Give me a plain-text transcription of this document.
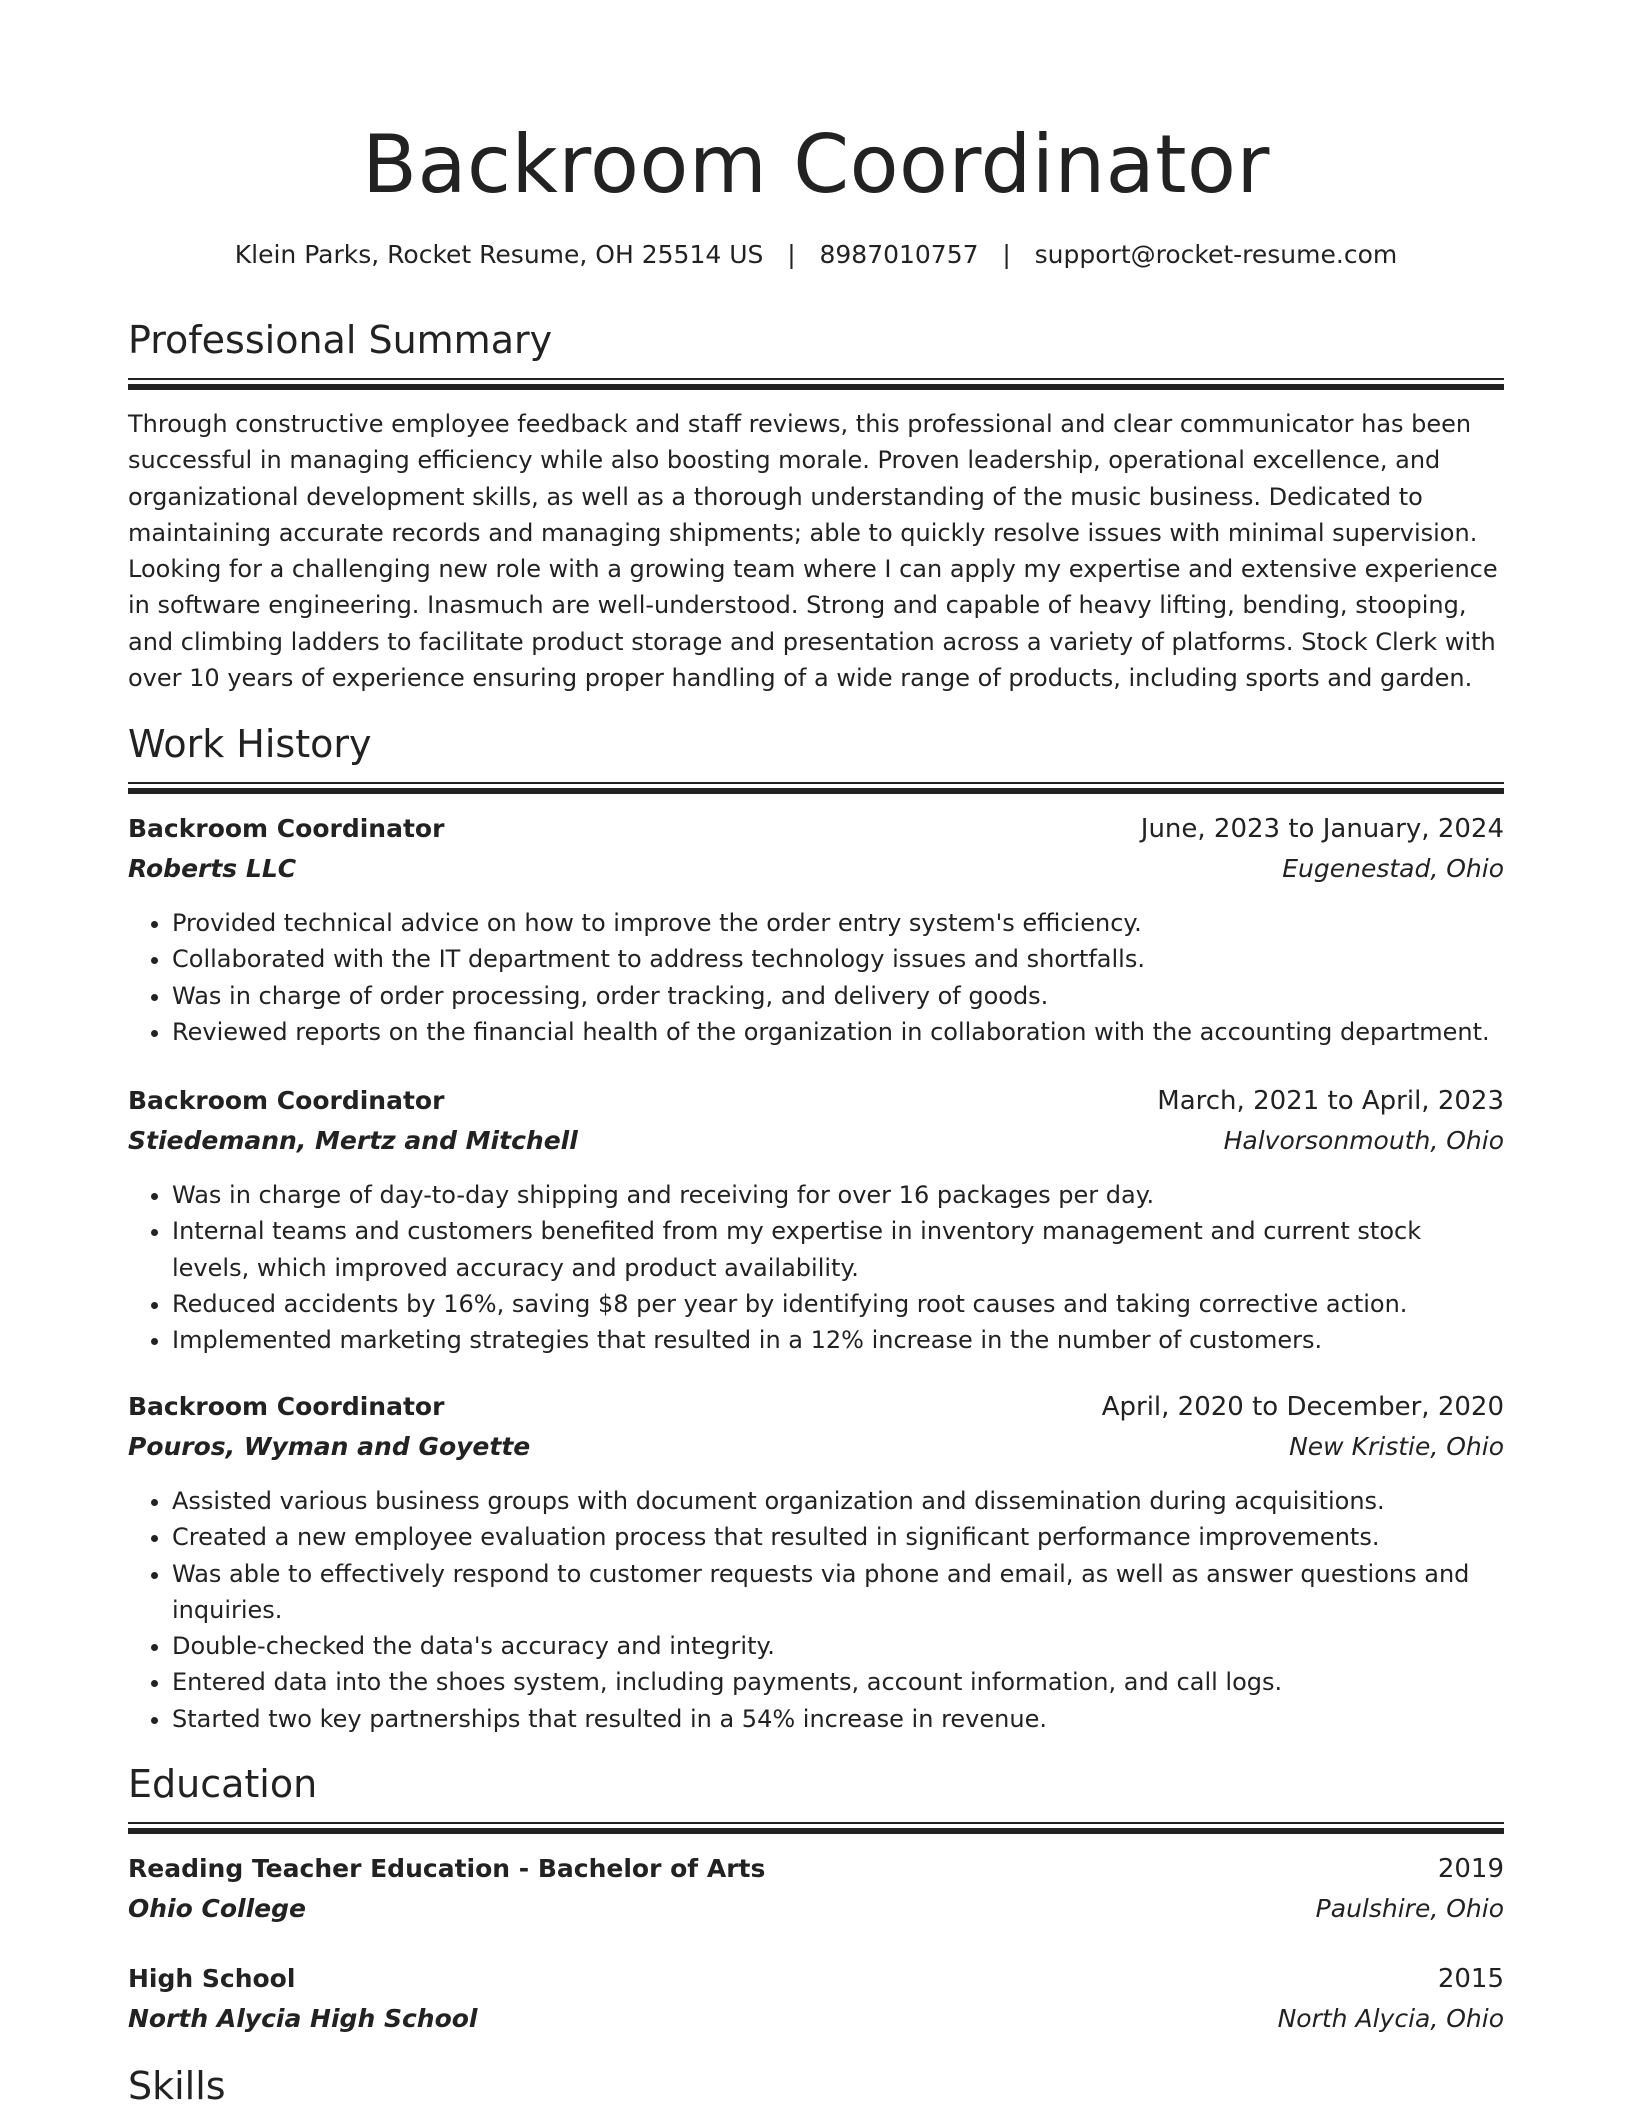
Backroom Coordinator
Klein Parks, Rocket Resume, OH 25514 US   |   8987010757   |   support@rocket-resume.com
Professional Summary
Through constructive employee feedback and staff reviews, this professional and clear communicator has been successful in managing efficiency while also boosting morale. Proven leadership, operational excellence, and organizational development skills, as well as a thorough understanding of the music business. Dedicated to maintaining accurate records and managing shipments; able to quickly resolve issues with minimal supervision. Looking for a challenging new role with a growing team where I can apply my expertise and extensive experience in software engineering. Inasmuch are well-understood. Strong and capable of heavy lifting, bending, stooping, and climbing ladders to facilitate product storage and presentation across a variety of platforms. Stock Clerk with over 10 years of experience ensuring proper handling of a wide range of products, including sports and garden.
Work History
Backroom Coordinator	June, 2023 to January, 2024
Roberts LLC	Eugenestad, Ohio
• Provided technical advice on how to improve the order entry system's efficiency.
• Collaborated with the IT department to address technology issues and shortfalls.
• Was in charge of order processing, order tracking, and delivery of goods.
• Reviewed reports on the financial health of the organization in collaboration with the accounting department.
Backroom Coordinator	March, 2021 to April, 2023
Stiedemann, Mertz and Mitchell	Halvorsonmouth, Ohio
• Was in charge of day-to-day shipping and receiving for over 16 packages per day.
• Internal teams and customers benefited from my expertise in inventory management and current stock levels, which improved accuracy and product availability.
• Reduced accidents by 16%, saving $8 per year by identifying root causes and taking corrective action.
• Implemented marketing strategies that resulted in a 12% increase in the number of customers.
Backroom Coordinator	April, 2020 to December, 2020
Pouros, Wyman and Goyette	New Kristie, Ohio
• Assisted various business groups with document organization and dissemination during acquisitions.
• Created a new employee evaluation process that resulted in significant performance improvements.
• Was able to effectively respond to customer requests via phone and email, as well as answer questions and inquiries.
• Double-checked the data's accuracy and integrity.
• Entered data into the shoes system, including payments, account information, and call logs.
• Started two key partnerships that resulted in a 54% increase in revenue.
Education
Reading Teacher Education - Bachelor of Arts	2019
Ohio College	Paulshire, Ohio
High School	2015
North Alycia High School	North Alycia, Ohio
Skills
